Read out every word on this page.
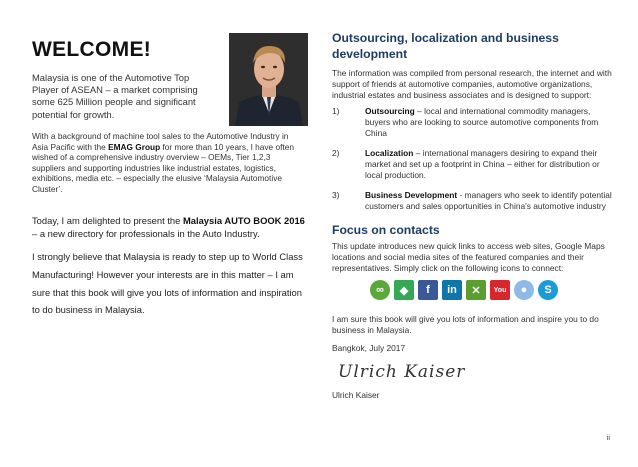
WELCOME!

Malaysia is one of the Automotive Top Player of ASEAN – a market comprising some 625 Million people and significant potential for growth.

With a background of machine tool sales to the Automotive Industry in Asia Pacific with the EMAG Group for more than 10 years, I have often wished of a comprehensive industry overview – OEMs, Tier 1,2,3 suppliers and supporting industries like industrial estates, logistics, exhibitions, media etc. – especially the elusive ‘Malaysia Automotive Cluster’.

Today, I am delighted to present the Malaysia AUTO BOOK 2016 – a new directory for professionals in the Auto Industry.

I strongly believe that Malaysia is ready to step up to World Class Manufacturing! However your interests are in this matter – I am sure that this book will give you lots of information and inspiration to do business in Malaysia.

Outsourcing, localization and business development

The information was compiled from personal research, the internet and with support of friends at automotive companies, automotive organizations, industrial estates and business associates and is designed to support:

1)	Outsourcing – local and international commodity managers, buyers who are looking to source automotive components from China
2)	Localization – international managers desiring to expand their market and set up a footprint in China – either for distribution or local production.
3)	Business Development - managers who seek to identify potential customers and sales opportunities in China's automotive industry
Focus on contacts

This update introduces new quick links to access web sites, Google Maps locations and social media sites of the featured companies and their representatives. Simply click on the following icons to connect:

∞	◆	f	in	✕	You	●	S

I am sure this book will give you lots of information and inspire you to do business in Malaysia.

Bangkok, July 2017

Ulrich Kaiser

Ulrich Kaiser

ii
